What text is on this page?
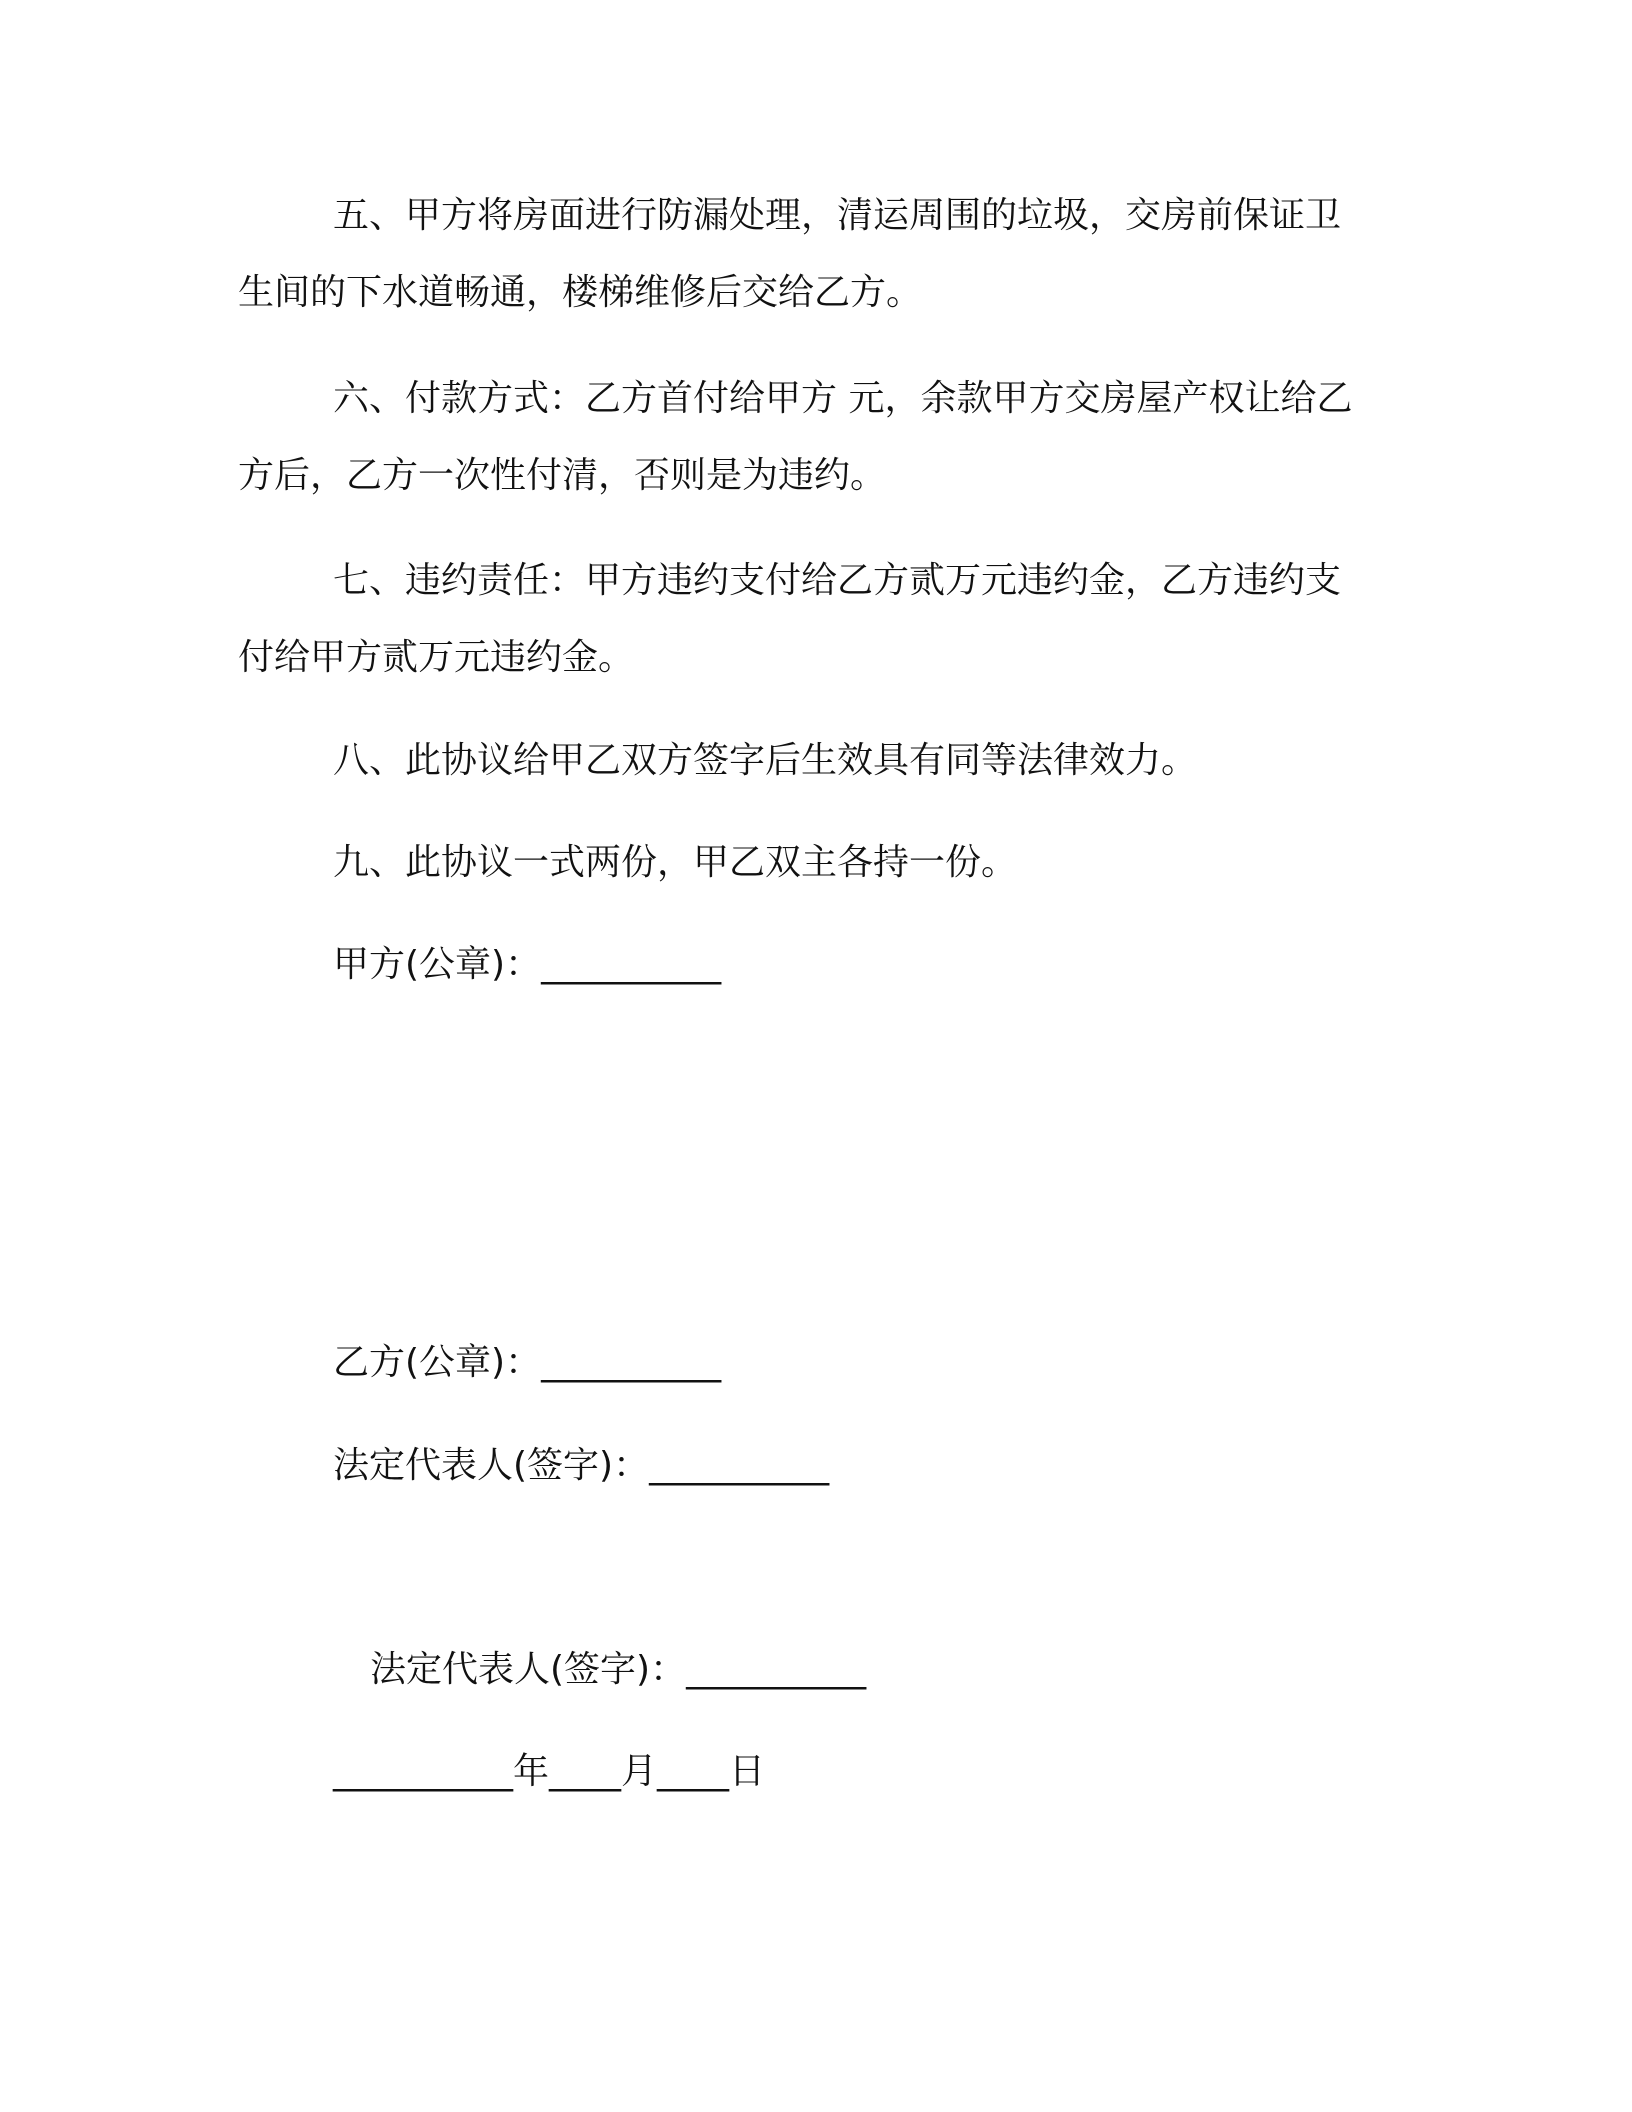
五、甲方将房面进行防漏处理，清运周围的垃圾，交房前保证卫
生间的下水道畅通，楼梯维修后交给乙方。
六、付款方式：乙方首付给甲方 元，余款甲方交房屋产权让给乙
方后，乙方一次性付清，否则是为违约。
七、违约责任：甲方违约支付给乙方贰万元违约金，乙方违约支
付给甲方贰万元违约金。
八、此协议给甲乙双方签字后生效具有同等法律效力。
九、此协议一式两份，甲乙双主各持一份。
甲方(公章)：__________
乙方(公章)：__________
法定代表人(签字)：__________
法定代表人(签字)：__________
__________年____月____日
